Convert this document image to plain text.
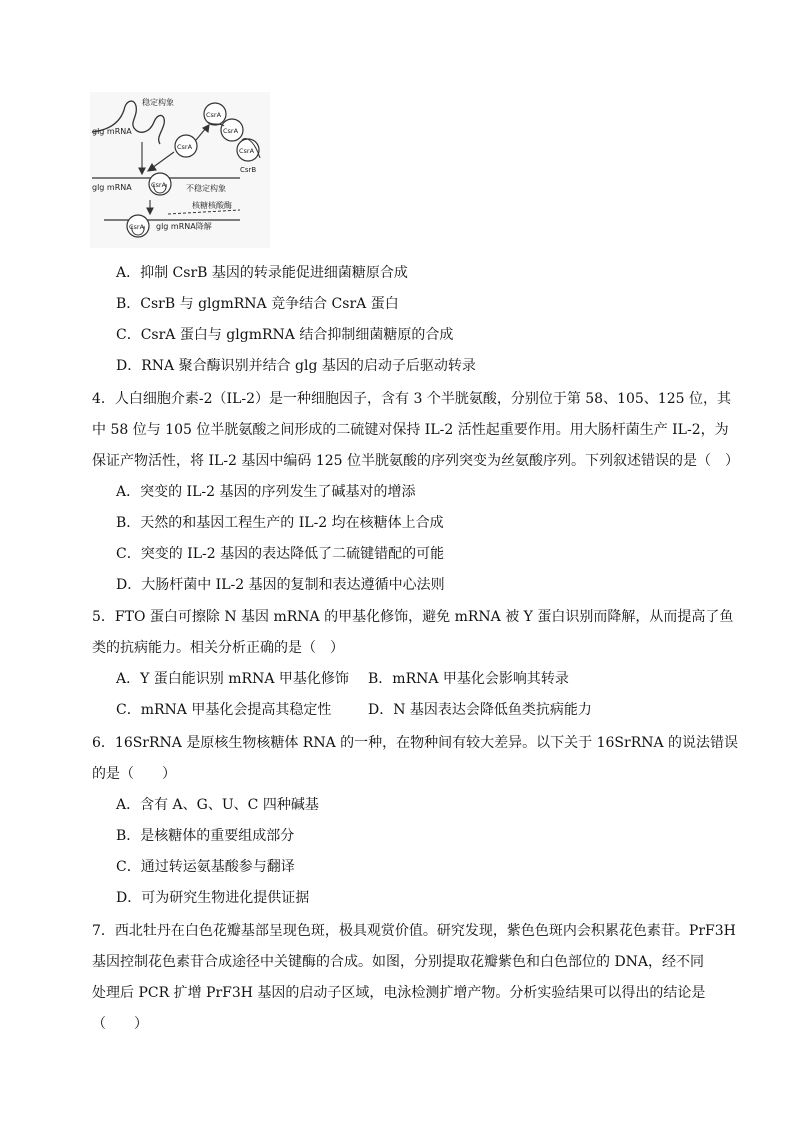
glg mRNA
稳定构象
CsrA
CsrA
CsrA	CsrA
CsrB
glg mRNA	CsrA 不稳定构象
核糖核酸酶
CsrA glg mRNA降解
A．抑制 CsrB 基因的转录能促进细菌糖原合成
B．CsrB 与 glgmRNA 竞争结合 CsrA 蛋白
C．CsrA 蛋白与 glgmRNA 结合抑制细菌糖原的合成
D．RNA 聚合酶识别并结合 glg 基因的启动子后驱动转录
4．人白细胞介素-2（IL-2）是一种细胞因子，含有 3 个半胱氨酸，分别位于第 58、105、125 位，其
中 58 位与 105 位半胱氨酸之间形成的二硫键对保持 IL-2 活性起重要作用。用大肠杆菌生产 IL-2，为
保证产物活性，将 IL-2 基因中编码 125 位半胱氨酸的序列突变为丝氨酸序列。下列叙述错误的是（　）
A．突变的 IL-2 基因的序列发生了碱基对的增添
B．天然的和基因工程生产的 IL-2 均在核糖体上合成
C．突变的 IL-2 基因的表达降低了二硫键错配的可能
D．大肠杆菌中 IL-2 基因的复制和表达遵循中心法则
5．FTO 蛋白可擦除 N 基因 mRNA 的甲基化修饰，避免 mRNA 被 Y 蛋白识别而降解，从而提高了鱼
类的抗病能力。相关分析正确的是（　）
A．Y 蛋白能识别 mRNA 甲基化修饰 B．mRNA 甲基化会影响其转录
C．mRNA 甲基化会提高其稳定性	D．N 基因表达会降低鱼类抗病能力
6．16SrRNA 是原核生物核糖体 RNA 的一种，在物种间有较大差异。以下关于 16SrRNA 的说法错误
的是（　　）
A．含有 A、G、U、C 四种碱基
B．是核糖体的重要组成部分
C．通过转运氨基酸参与翻译
D．可为研究生物进化提供证据
7．西北牡丹在白色花瓣基部呈现色斑，极具观赏价值。研究发现，紫色色斑内会积累花色素苷。PrF3H
基因控制花色素苷合成途径中关键酶的合成。如图，分别提取花瓣紫色和白色部位的 DNA，经不同
处理后 PCR 扩增 PrF3H 基因的启动子区域，电泳检测扩增产物。分析实验结果可以得出的结论是
（　　）
